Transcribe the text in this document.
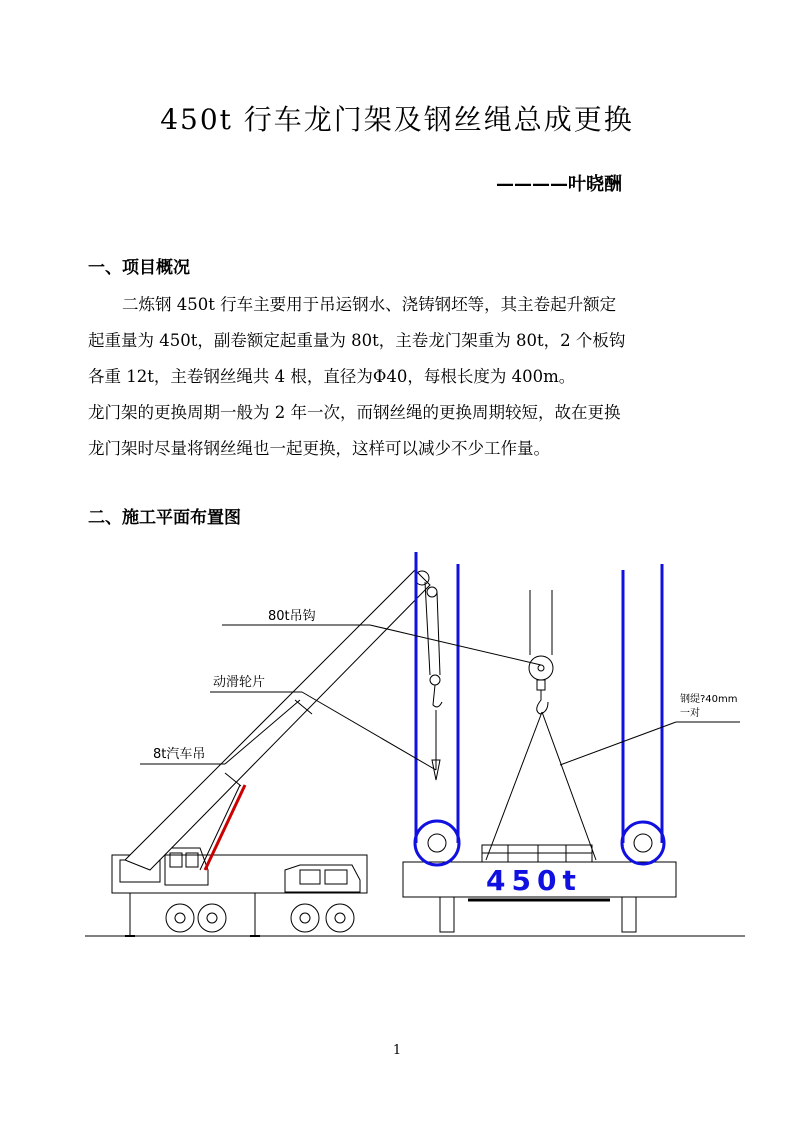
450t 行车龙门架及钢丝绳总成更换
————叶晓酬
一、项目概况
二炼钢 450t 行车主要用于吊运钢水、浇铸钢坯等，其主卷起升额定
起重量为 450t，副卷额定起重量为 80t，主卷龙门架重为 80t，2 个板钩
各重 12t，主卷钢丝绳共 4 根，直径为Φ40，每根长度为 400m。
龙门架的更换周期一般为 2 年一次，而钢丝绳的更换周期较短，故在更换
龙门架时尽量将钢丝绳也一起更换，这样可以减少不少工作量。
二、施工平面布置图
80t吊钩
动滑轮片
8t汽车吊
钢缇?40mm
一对
450t
1
